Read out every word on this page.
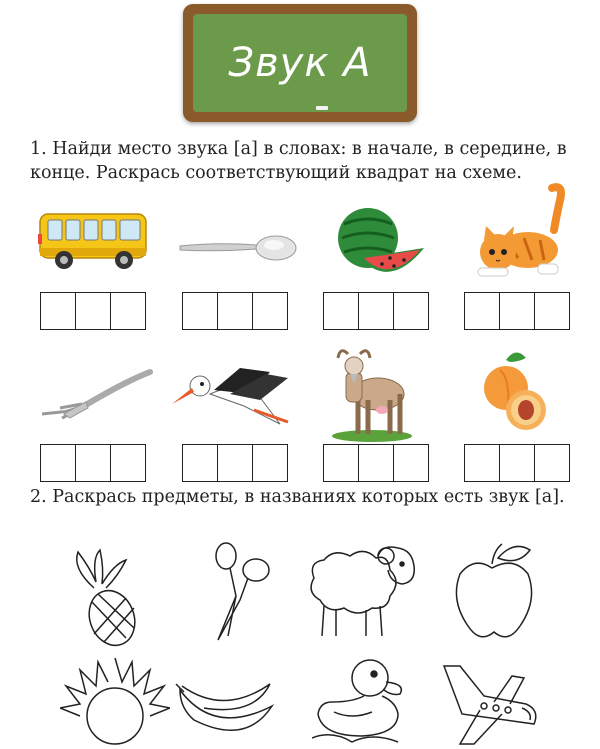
Звук А
1. Найди место звука [а] в словах: в начале, в середине, в конце. Раскрась соответствующий квадрат на схеме.
2. Раскрась предметы, в названиях которых есть звук [а].
